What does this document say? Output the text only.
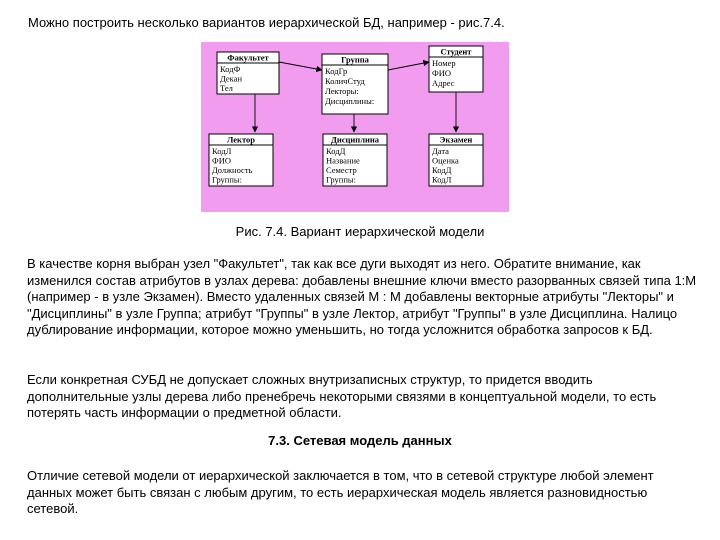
Можно построить несколько вариантов иерархической БД, например - рис.7.4.
Факультет
КодФ
Декан
Тел
Группа
КодГр
КоличСтуд
Лекторы:
Дисциплины:
Студент
Номер
ФИО
Адрес
Лектор
КодЛ
ФИО
Должность
Группы:
Дисциплина
КодД
Название
Семестр
Группы:
Экзамен
Дата
Оценка
КодД
КодЛ
Рис. 7.4. Вариант иерархической модели

В качестве корня выбран узел "Факультет", так как все дуги выходят из него. Обратите внимание, как изменился состав атрибутов в узлах дерева: добавлены внешние ключи вместо разорванных связей типа 1:М (например - в узле Экзамен). Вместо удаленных связей М : М добавлены векторные атрибуты "Лекторы" и "Дисциплины" в узле Группа; атрибут "Группы" в узле Лектор, атрибут "Группы" в узле Дисциплина. Налицо дублирование информации, которое можно уменьшить, но тогда усложнится обработка запросов к БД.

Если конкретная СУБД не допускает сложных внутризаписных структур, то придется вводить дополнительные узлы дерева либо пренебречь некоторыми связями в концептуальной модели, то есть потерять часть информации о предметной области.

7.3. Сетевая модель данных

Отличие сетевой модели от иерархической заключается в том, что в сетевой структуре любой элемент данных может быть связан с любым другим, то есть иерархическая модель является разновидностью сетевой.
